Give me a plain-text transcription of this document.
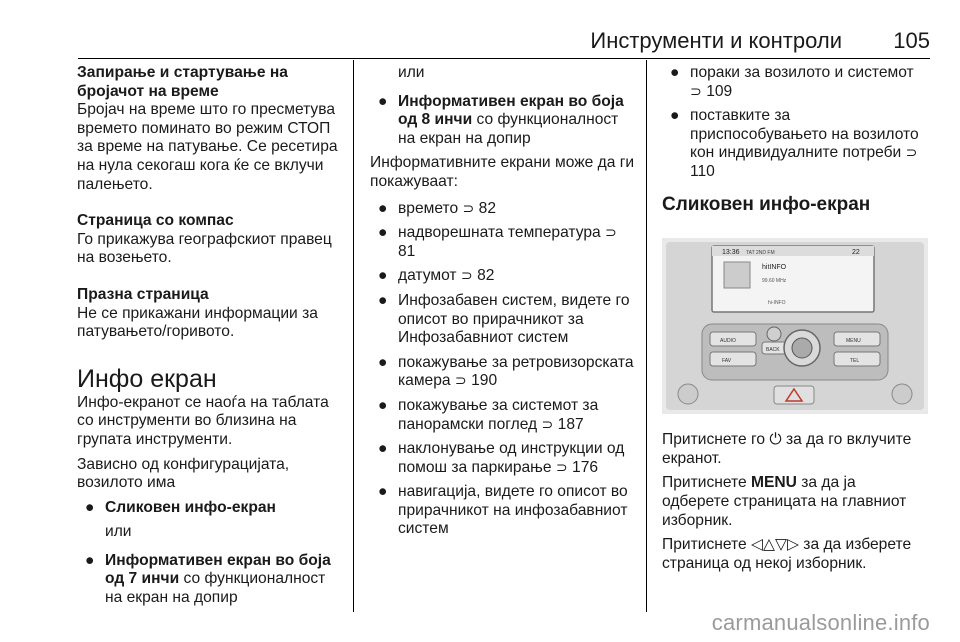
Инструменти и контроли 105

Запирање и стартување на
бројачот на време

Бројач на време што го пресметува времето поминато во режим СТОП за време на патување. Се ресетира на нула секогаш кога ќе се вклучи палењето.

Страница со компас

Го прикажува географскиот правец на возењето.

Празна страница

Не се прикажани информации за патувањето/горивото.

Инфо екран

Инфо-екранот се наоѓа на таблата со инструменти во близина на групата инструменти.

Зависно од конфигурацијата, возилото има

● Сликовен инфо-екран

или

● Информативен екран во боја од 7 инчи со функционалност на екран на допир

или

● Информативен екран во боја од 8 инчи со функционалност на екран на допир

Информативните екрани може да ги покажуваат:

● времето ⊃ 82
● надворешната температура ⊃ 81
● датумот ⊃ 82
● Инфозабавен систем, видете го описот во прирачникот за Инфозабавниот систем
● покажување за ретровизорската камера ⊃ 190
● покажување за системот за панорамски поглед ⊃ 187
● наклонување од инструкции од помош за паркирање ⊃ 176
● навигација, видете го описот во прирачникот на инфозабавниот систем
● пораки за возилото и системот ⊃ 109
● поставките за приспособувањето на возилото кон индивидуалните потреби ⊃ 110
Сликовен инфо-екран
13:36 TAT 2ND FM	22
hitINFO
99.60 MHz
hi-INFO
AUDIO
FAV
MENU
TEL
BACK

Притиснете го ⏻ за да го вклучите екранот.

Притиснете MENU за да ја одберете страницата на главниот изборник.

Притиснете ◁△▽▷ за да изберете страница од некој изборник.

carmanualsonline.info
